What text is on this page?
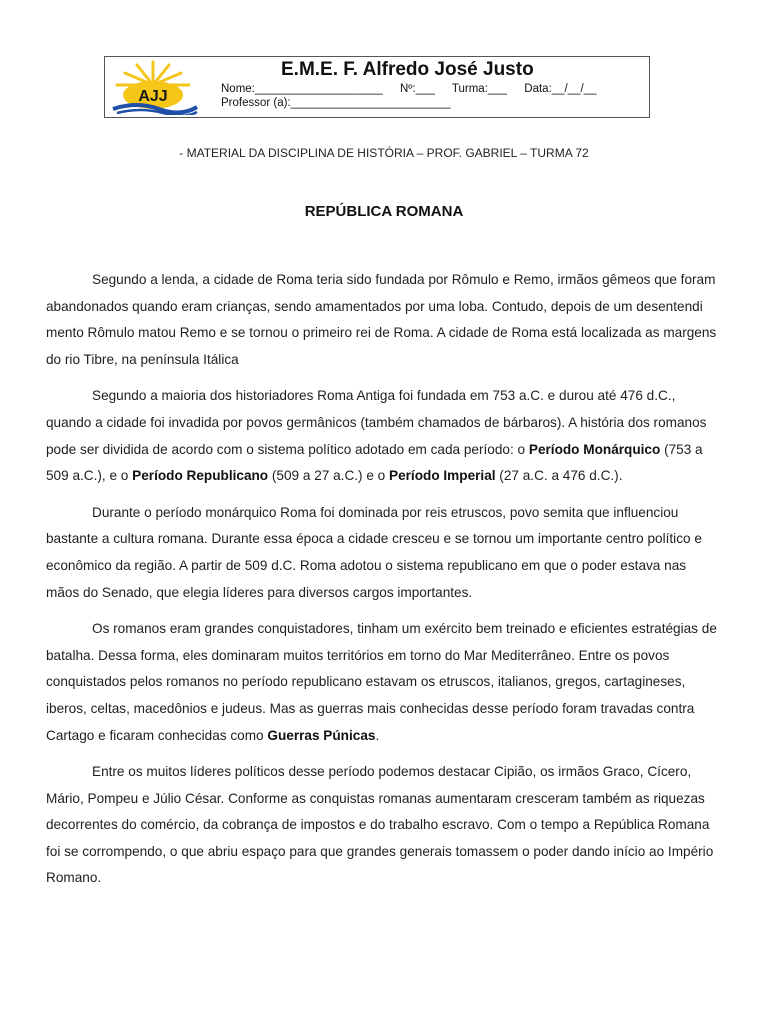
AJJ
E.M.E. F. Alfredo José Justo
Nome:____________________ Nº:___ Turma:___ Data:__/__/__
Professor (a):_________________________
- MATERIAL DA DISCIPLINA DE HISTÓRIA – PROF. GABRIEL – TURMA 72
REPÚBLICA ROMANA

Segundo a lenda, a cidade de Roma teria sido fundada por Rômulo e Remo, irmãos gêmeos que foram abandonados quando eram crianças, sendo amamentados por uma loba. Contudo, depois de um desentendi mento Rômulo matou Remo e se tornou o primeiro rei de Roma. A cidade de Roma está localizada as margens do rio Tibre, na península Itálica

Segundo a maioria dos historiadores Roma Antiga foi fundada em 753 a.C. e durou até 476 d.C., quando a cidade foi invadida por povos germânicos (também chamados de bárbaros). A história dos romanos pode ser dividida de acordo com o sistema político adotado em cada período: o Período Monárquico (753 a 509 a.C.), e o Período Republicano (509 a 27 a.C.) e o Período Imperial (27 a.C. a 476 d.C.).

Durante o período monárquico Roma foi dominada por reis etruscos, povo semita que influenciou bastante a cultura romana. Durante essa época a cidade cresceu e se tornou um importante centro político e econômico da região. A partir de 509 d.C. Roma adotou o sistema republicano em que o poder estava nas mãos do Senado, que elegia líderes para diversos cargos importantes.

Os romanos eram grandes conquistadores, tinham um exército bem treinado e eficientes estratégias de batalha. Dessa forma, eles dominaram muitos territórios em torno do Mar Mediterrâneo. Entre os povos conquistados pelos romanos no período republicano estavam os etruscos, italianos, gregos, cartagineses, iberos, celtas, macedônios e judeus. Mas as guerras mais conhecidas desse período foram travadas contra Cartago e ficaram conhecidas como Guerras Púnicas.

Entre os muitos líderes políticos desse período podemos destacar Cipião, os irmãos Graco, Cícero, Mário, Pompeu e Júlio César. Conforme as conquistas romanas aumentaram cresceram também as riquezas decorrentes do comércio, da cobrança de impostos e do trabalho escravo. Com o tempo a República Romana foi se corrompendo, o que abriu espaço para que grandes generais tomassem o poder dando início ao Império Romano.
